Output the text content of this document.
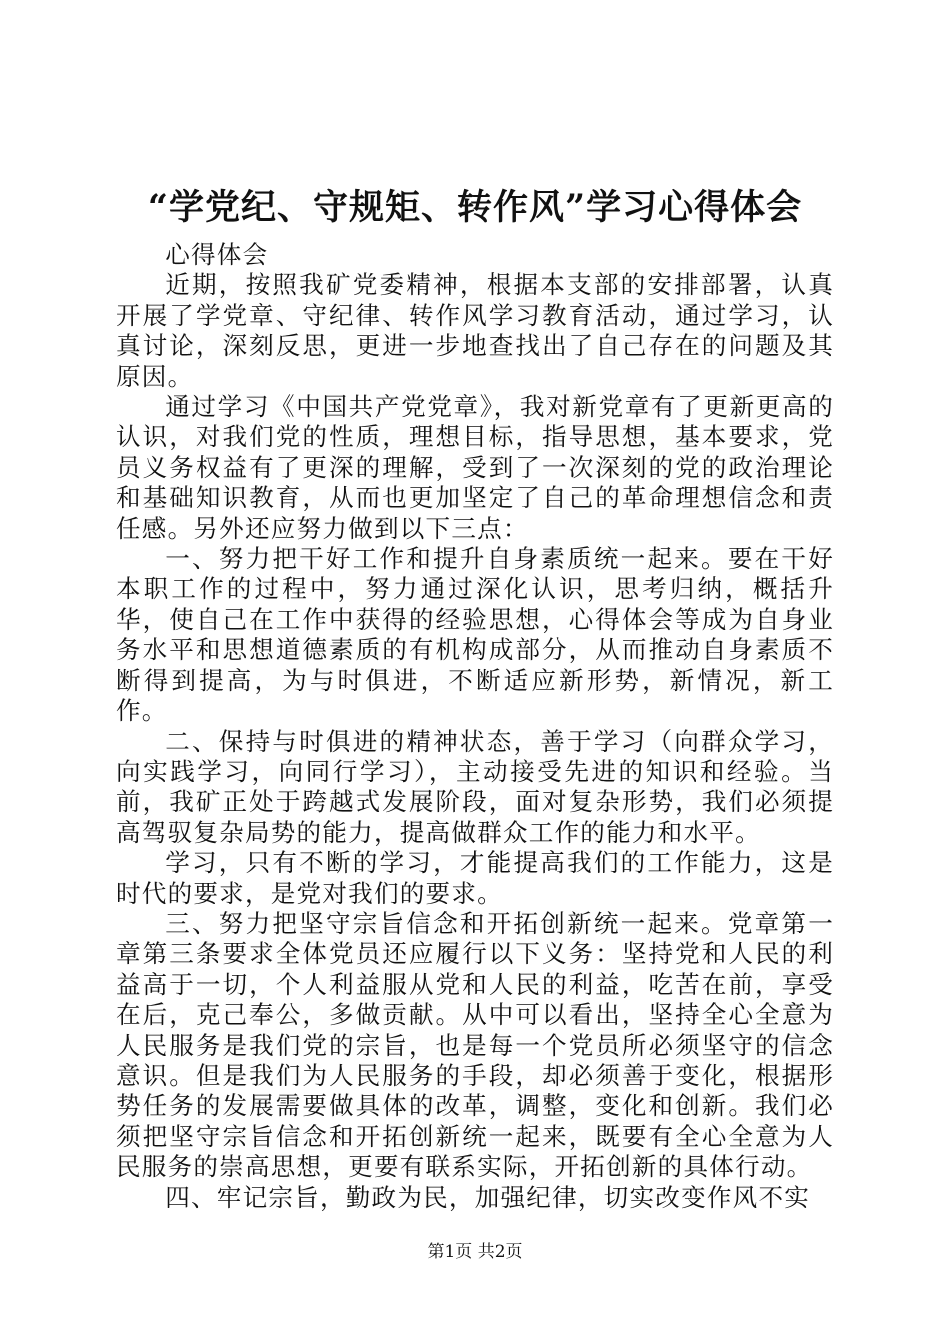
“学党纪、守规矩、转作风”学习心得体会

心得体会

近期，按照我矿党委精神，根据本支部的安排部署，认真开展了学党章、守纪律、转作风学习教育活动，通过学习，认真讨论，深刻反思，更进一步地查找出了自己存在的问题及其原因。

通过学习《中国共产党党章》，我对新党章有了更新更高的认识，对我们党的性质，理想目标，指导思想，基本要求，党员义务权益有了更深的理解，受到了一次深刻的党的政治理论和基础知识教育，从而也更加坚定了自己的革命理想信念和责任感。另外还应努力做到以下三点：

一、努力把干好工作和提升自身素质统一起来。要在干好本职工作的过程中，努力通过深化认识，思考归纳，概括升华，使自己在工作中获得的经验思想，心得体会等成为自身业务水平和思想道德素质的有机构成部分，从而推动自身素质不断得到提高，为与时俱进，不断适应新形势，新情况，新工作。

二、保持与时俱进的精神状态，善于学习（向群众学习，向实践学习，向同行学习），主动接受先进的知识和经验。当前，我矿正处于跨越式发展阶段，面对复杂形势，我们必须提高驾驭复杂局势的能力，提高做群众工作的能力和水平。

学习，只有不断的学习，才能提高我们的工作能力，这是时代的要求，是党对我们的要求。

三、努力把坚守宗旨信念和开拓创新统一起来。党章第一章第三条要求全体党员还应履行以下义务：坚持党和人民的利益高于一切，个人利益服从党和人民的利益，吃苦在前，享受在后，克己奉公，多做贡献。从中可以看出，坚持全心全意为人民服务是我们党的宗旨，也是每一个党员所必须坚守的信念意识。但是我们为人民服务的手段，却必须善于变化，根据形势任务的发展需要做具体的改革，调整，变化和创新。我们必须把坚守宗旨信念和开拓创新统一起来，既要有全心全意为人民服务的崇高思想，更要有联系实际，开拓创新的具体行动。

四、牢记宗旨，勤政为民，加强纪律，切实改变作风不实

第1页 共2页
